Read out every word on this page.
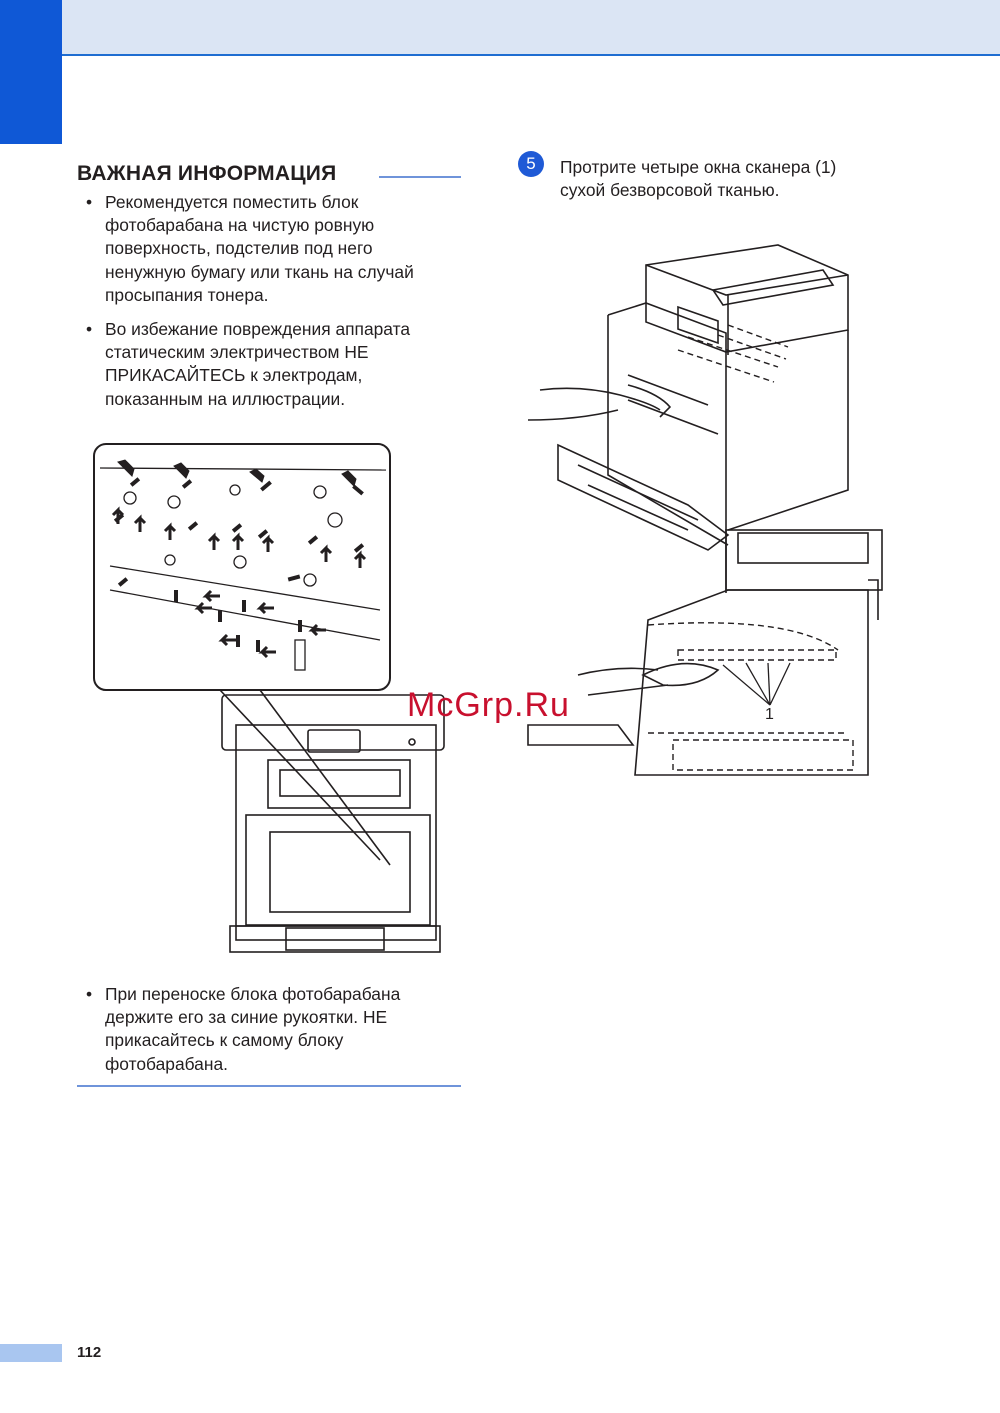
ВАЖНАЯ ИНФОРМАЦИЯ
• Рекомендуется поместить блок
фотобарабана на чистую ровную
поверхность, подстелив под него
ненужную бумагу или ткань на случай
просыпания тонера.
• Во избежание повреждения аппарата
статическим электричеством НЕ
ПРИКАСАЙТЕСЬ к электродам,
показанным на иллюстрации.
• При переноске блока фотобарабана
держите его за синие рукоятки. НЕ
прикасайтесь к самому блоку
фотобарабана.
5	Протрите четыре окна сканера (1)
сухой безворсовой тканью.
1
McGrp.Ru
112
